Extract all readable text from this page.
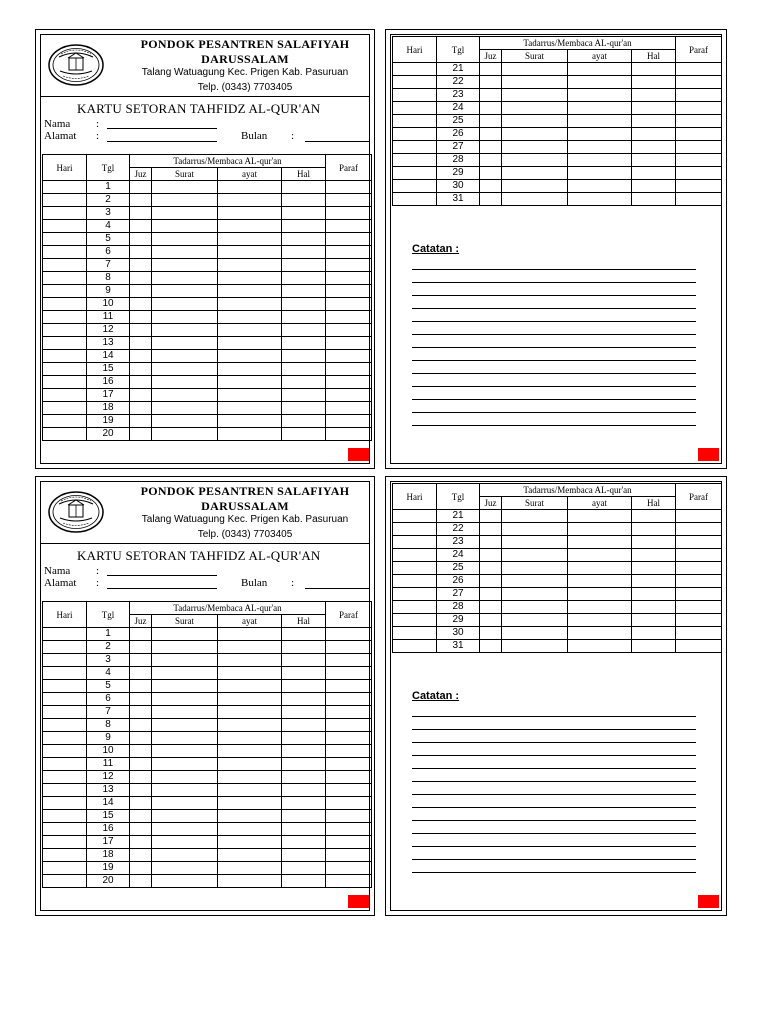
PONDOK PESANTREN SALAFIYAH
DARUSSALAM
Talang Watuagung Kec. Prigen Kab. Pasuruan
Telp. (0343) 7703405
KARTU SETORAN TAHFIDZ AL-QUR'AN
Nama :
Alamat :	Bulan :
Hari	Tgl	Tadarrus/Membaca AL-qur'an				Paraf
		Juz	Surat	ayat	Hal	
	1					
	2					
	3					
	4					
	5					
	6					
	7					
	8					
	9					
	10					
	11					
	12					
	13					
	14					
	15					
	16					
	17					
	18					
	19					
	20					
Hari	Tgl	Tadarrus/Membaca AL-qur'an				Paraf
		Juz	Surat	ayat	Hal	
	21					
	22					
	23					
	24					
	25					
	26					
	27					
	28					
	29					
	30					
	31					
Catatan :
PONDOK PESANTREN SALAFIYAH
DARUSSALAM
Talang Watuagung Kec. Prigen Kab. Pasuruan
Telp. (0343) 7703405
KARTU SETORAN TAHFIDZ AL-QUR'AN
Nama :
Alamat :	Bulan :
Hari	Tgl	Tadarrus/Membaca AL-qur'an				Paraf
		Juz	Surat	ayat	Hal	
	1					
	2					
	3					
	4					
	5					
	6					
	7					
	8					
	9					
	10					
	11					
	12					
	13					
	14					
	15					
	16					
	17					
	18					
	19					
	20					
Hari	Tgl	Tadarrus/Membaca AL-qur'an				Paraf
		Juz	Surat	ayat	Hal	
	21					
	22					
	23					
	24					
	25					
	26					
	27					
	28					
	29					
	30					
	31					
Catatan :
